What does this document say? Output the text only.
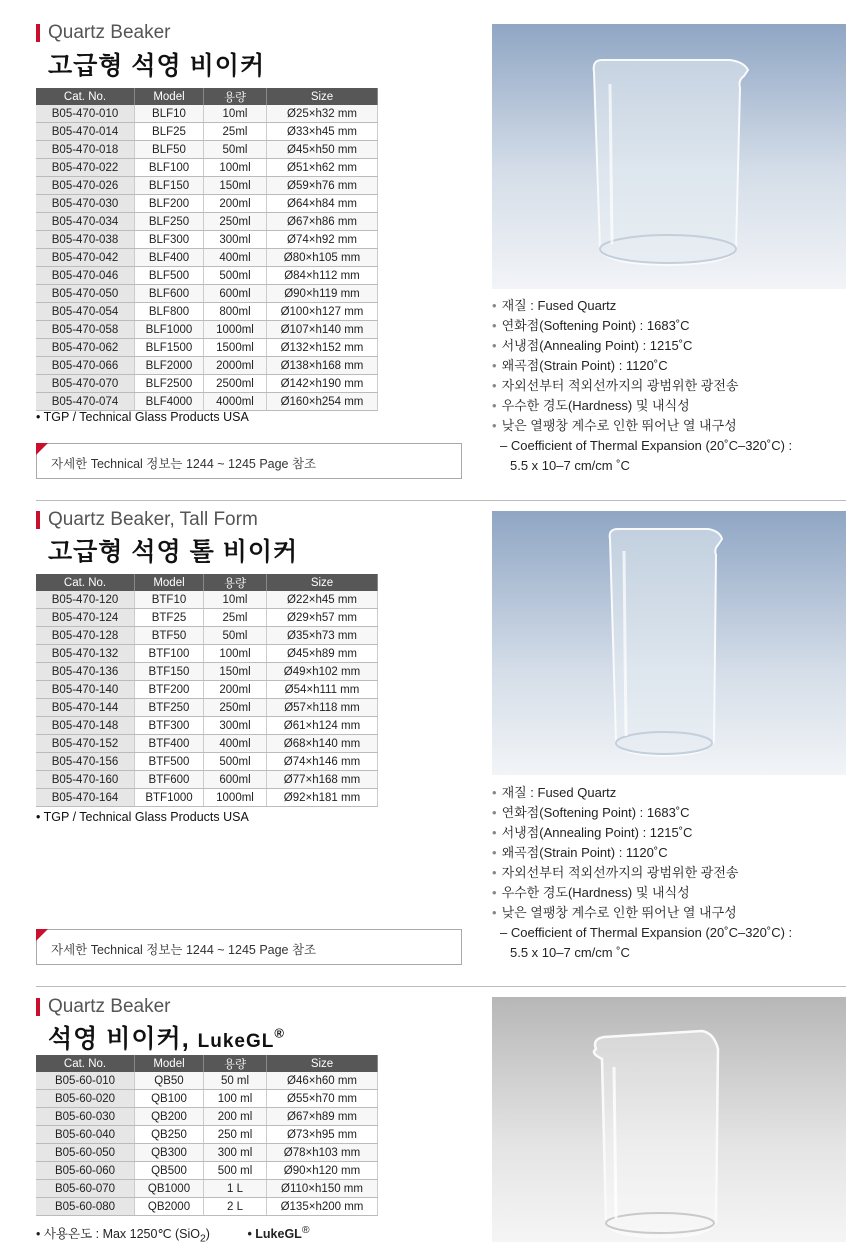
Quartz Beaker
고급형 석영 비이커
Cat. No.	Model	용량	Size
B05-470-010	BLF10	10ml	Ø25×h32 mm
B05-470-014	BLF25	25ml	Ø33×h45 mm
B05-470-018	BLF50	50ml	Ø45×h50 mm
B05-470-022	BLF100	100ml	Ø51×h62 mm
B05-470-026	BLF150	150ml	Ø59×h76 mm
B05-470-030	BLF200	200ml	Ø64×h84 mm
B05-470-034	BLF250	250ml	Ø67×h86 mm
B05-470-038	BLF300	300ml	Ø74×h92 mm
B05-470-042	BLF400	400ml	Ø80×h105 mm
B05-470-046	BLF500	500ml	Ø84×h112 mm
B05-470-050	BLF600	600ml	Ø90×h119 mm
B05-470-054	BLF800	800ml	Ø100×h127 mm
B05-470-058	BLF1000	1000ml	Ø107×h140 mm
B05-470-062	BLF1500	1500ml	Ø132×h152 mm
B05-470-066	BLF2000	2000ml	Ø138×h168 mm
B05-470-070	BLF2500	2500ml	Ø142×h190 mm
B05-470-074	BLF4000	4000ml	Ø160×h254 mm
• TGP / Technical Glass Products USA
자세한 Technical 정보는 1244 ~ 1245 Page 참조
• 재질 : Fused Quartz
• 연화점(Softening Point) : 1683˚C
• 서냉점(Annealing Point) : 1215˚C
• 왜곡점(Strain Point) : 1120˚C
• 자외선부터 적외선까지의 광범위한 광전송
• 우수한 경도(Hardness) 및 내식성
• 낮은 열팽창 계수로 인한 뛰어난 열 내구성
– Coefficient of Thermal Expansion (20˚C–320˚C) :
5.5 x 10–7 cm/cm ˚C
Quartz Beaker, Tall Form
고급형 석영 톨 비이커
Cat. No.	Model	용량	Size
B05-470-120	BTF10	10ml	Ø22×h45 mm
B05-470-124	BTF25	25ml	Ø29×h57 mm
B05-470-128	BTF50	50ml	Ø35×h73 mm
B05-470-132	BTF100	100ml	Ø45×h89 mm
B05-470-136	BTF150	150ml	Ø49×h102 mm
B05-470-140	BTF200	200ml	Ø54×h111 mm
B05-470-144	BTF250	250ml	Ø57×h118 mm
B05-470-148	BTF300	300ml	Ø61×h124 mm
B05-470-152	BTF400	400ml	Ø68×h140 mm
B05-470-156	BTF500	500ml	Ø74×h146 mm
B05-470-160	BTF600	600ml	Ø77×h168 mm
B05-470-164	BTF1000	1000ml	Ø92×h181 mm
• TGP / Technical Glass Products USA
자세한 Technical 정보는 1244 ~ 1245 Page 참조
• 재질 : Fused Quartz
• 연화점(Softening Point) : 1683˚C
• 서냉점(Annealing Point) : 1215˚C
• 왜곡점(Strain Point) : 1120˚C
• 자외선부터 적외선까지의 광범위한 광전송
• 우수한 경도(Hardness) 및 내식성
• 낮은 열팽창 계수로 인한 뛰어난 열 내구성
– Coefficient of Thermal Expansion (20˚C–320˚C) :
5.5 x 10–7 cm/cm ˚C
Quartz Beaker
석영 비이커, LukeGL®
Cat. No.	Model	용량	Size
B05-60-010	QB50	50 ml	Ø46×h60 mm
B05-60-020	QB100	100 ml	Ø55×h70 mm
B05-60-030	QB200	200 ml	Ø67×h89 mm
B05-60-040	QB250	250 ml	Ø73×h95 mm
B05-60-050	QB300	300 ml	Ø78×h103 mm
B05-60-060	QB500	500 ml	Ø90×h120 mm
B05-60-070	QB1000	1 L	Ø110×h150 mm
B05-60-080	QB2000	2 L	Ø135×h200 mm
• 사용온도 : Max 1250℃ (SiO$_2$)	• LukeGL®
